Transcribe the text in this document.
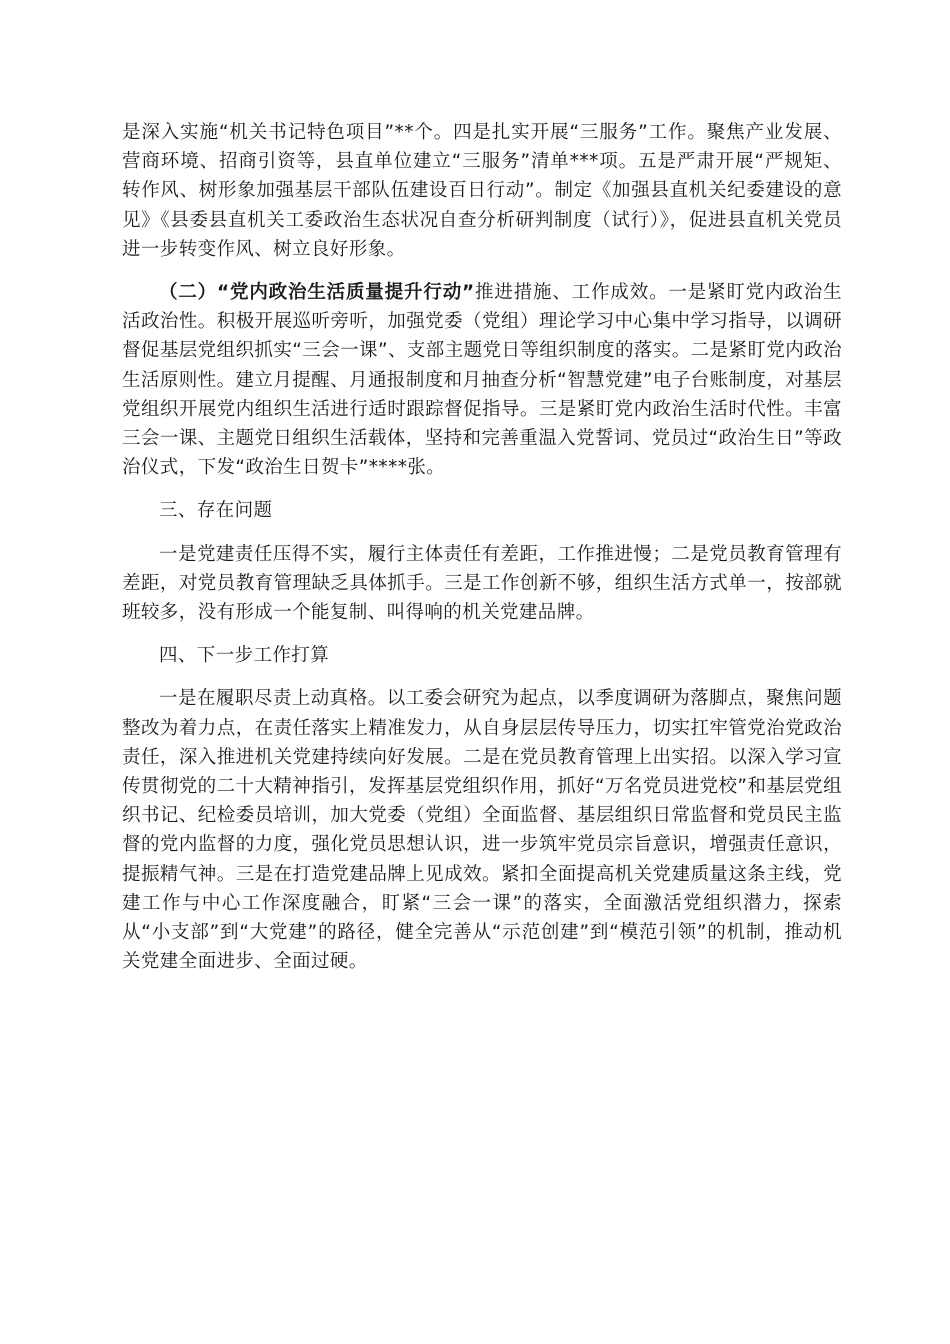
是深入实施“机关书记特色项目”**个。四是扎实开展“三服务”工作。聚焦产业发展、营商环境、招商引资等，县直单位建立“三服务”清单***项。五是严肃开展“严规矩、转作风、树形象加强基层干部队伍建设百日行动”。制定《加强县直机关纪委建设的意见》《县委县直机关工委政治生态状况自查分析研判制度（试行）》，促进县直机关党员进一步转变作风、树立良好形象。

（二）“党内政治生活质量提升行动”推进措施、工作成效。一是紧盯党内政治生活政治性。积极开展巡听旁听，加强党委（党组）理论学习中心集中学习指导，以调研督促基层党组织抓实“三会一课”、支部主题党日等组织制度的落实。二是紧盯党内政治生活原则性。建立月提醒、月通报制度和月抽查分析“智慧党建”电子台账制度，对基层党组织开展党内组织生活进行适时跟踪督促指导。三是紧盯党内政治生活时代性。丰富三会一课、主题党日组织生活载体，坚持和完善重温入党誓词、党员过“政治生日”等政治仪式，下发“政治生日贺卡”****张。

三、存在问题

一是党建责任压得不实，履行主体责任有差距，工作推进慢；二是党员教育管理有差距，对党员教育管理缺乏具体抓手。三是工作创新不够，组织生活方式单一，按部就班较多，没有形成一个能复制、叫得响的机关党建品牌。

四、下一步工作打算

一是在履职尽责上动真格。以工委会研究为起点，以季度调研为落脚点，聚焦问题整改为着力点，在责任落实上精准发力，从自身层层传导压力，切实扛牢管党治党政治责任，深入推进机关党建持续向好发展。二是在党员教育管理上出实招。以深入学习宣传贯彻党的二十大精神指引，发挥基层党组织作用，抓好“万名党员进党校”和基层党组织书记、纪检委员培训，加大党委（党组）全面监督、基层组织日常监督和党员民主监督的党内监督的力度，强化党员思想认识，进一步筑牢党员宗旨意识，增强责任意识，提振精气神。三是在打造党建品牌上见成效。紧扣全面提高机关党建质量这条主线，党建工作与中心工作深度融合，盯紧“三会一课”的落实，全面激活党组织潜力，探索从“小支部”到“大党建”的路径，健全完善从“示范创建”到“模范引领”的机制，推动机关党建全面进步、全面过硬。
